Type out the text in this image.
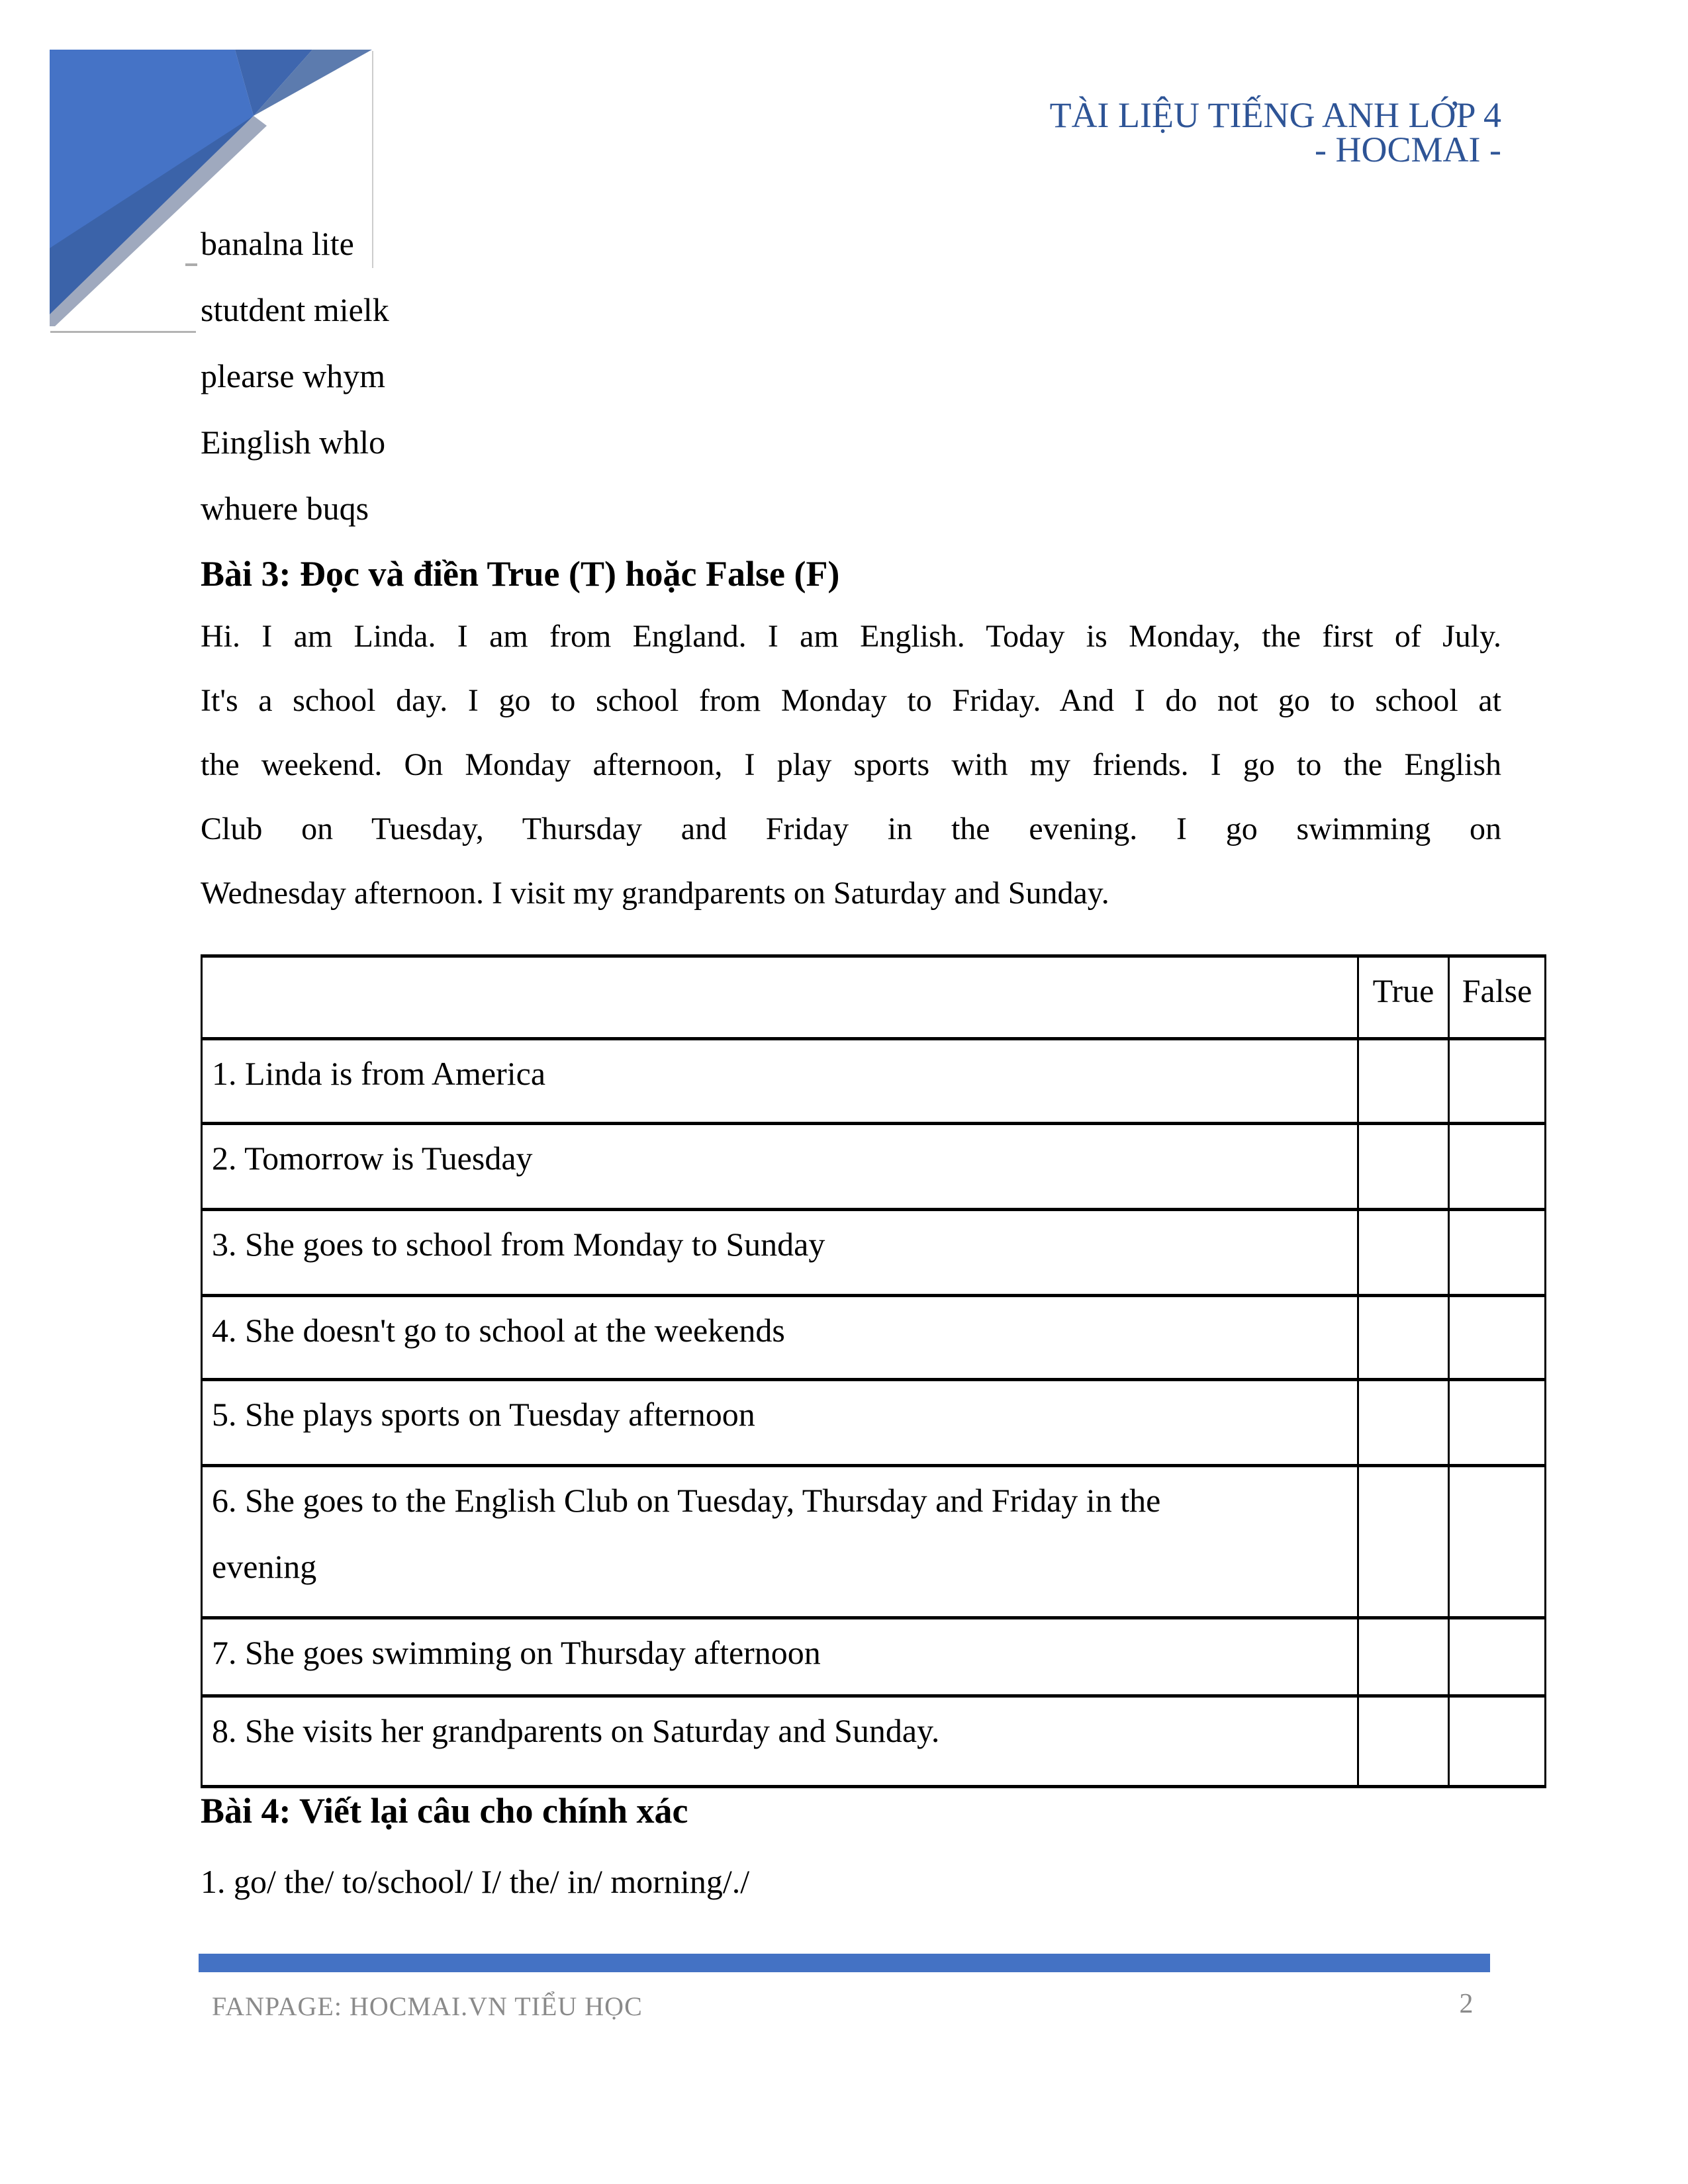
TÀI LIỆU TIẾNG ANH LỚP 4
- HOCMAI -
banalna lite
stutdent mielk
plearse whym
Einglish whlo
whuere buqs
Bài 3: Đọc và điền True (T) hoặc False (F)
Hi. I am Linda. I am from England. I am English. Today is Monday, the first of July.
It's a school day. I go to school from Monday to Friday. And I do not go to school at
the weekend. On Monday afternoon, I play sports with my friends. I go to the English
Club on Tuesday, Thursday and Friday in the evening. I go swimming on
Wednesday afternoon. I visit my grandparents on Saturday and Sunday.
	True	False

1. Linda is from America		

2. Tomorrow is Tuesday		

3. She goes to school from Monday to Sunday		

4. She doesn't go to school at the weekends		

5. She plays sports on Tuesday afternoon		

6. She goes to the English Club on Tuesday, Thursday and Friday in the
evening		

7. She goes swimming on Thursday afternoon		

8. She visits her grandparents on Saturday and Sunday.		

Bài 4: Viết lại câu cho chính xác
1. go/ the/ to/school/ I/ the/ in/ morning/./
FANPAGE: HOCMAI.VN TIỂU HỌC	2
